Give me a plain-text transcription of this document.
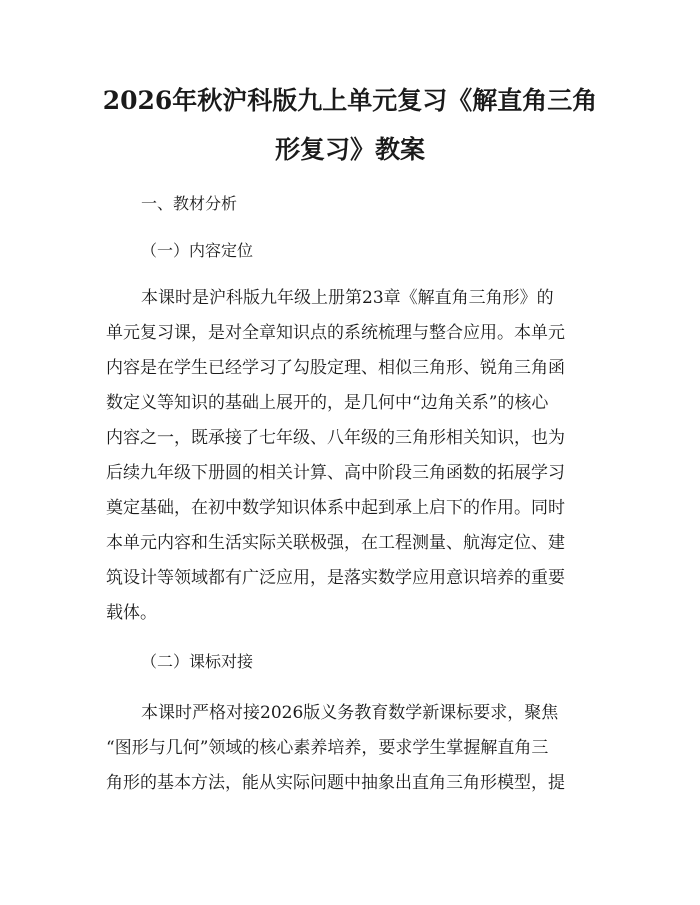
2026年秋沪科版九上单元复习《解直角三角
形复习》教案
一、教材分析
（一）内容定位
本课时是沪科版九年级上册第23章《解直角三角形》的
单元复习课，是对全章知识点的系统梳理与整合应用。本单元
内容是在学生已经学习了勾股定理、相似三角形、锐角三角函
数定义等知识的基础上展开的，是几何中“边角关系”的核心
内容之一，既承接了七年级、八年级的三角形相关知识，也为
后续九年级下册圆的相关计算、高中阶段三角函数的拓展学习
奠定基础，在初中数学知识体系中起到承上启下的作用。同时
本单元内容和生活实际关联极强，在工程测量、航海定位、建
筑设计等领域都有广泛应用，是落实数学应用意识培养的重要
载体。
（二）课标对接
本课时严格对接2026版义务教育数学新课标要求，聚焦
“图形与几何”领域的核心素养培养，要求学生掌握解直角三
角形的基本方法，能从实际问题中抽象出直角三角形模型，提
